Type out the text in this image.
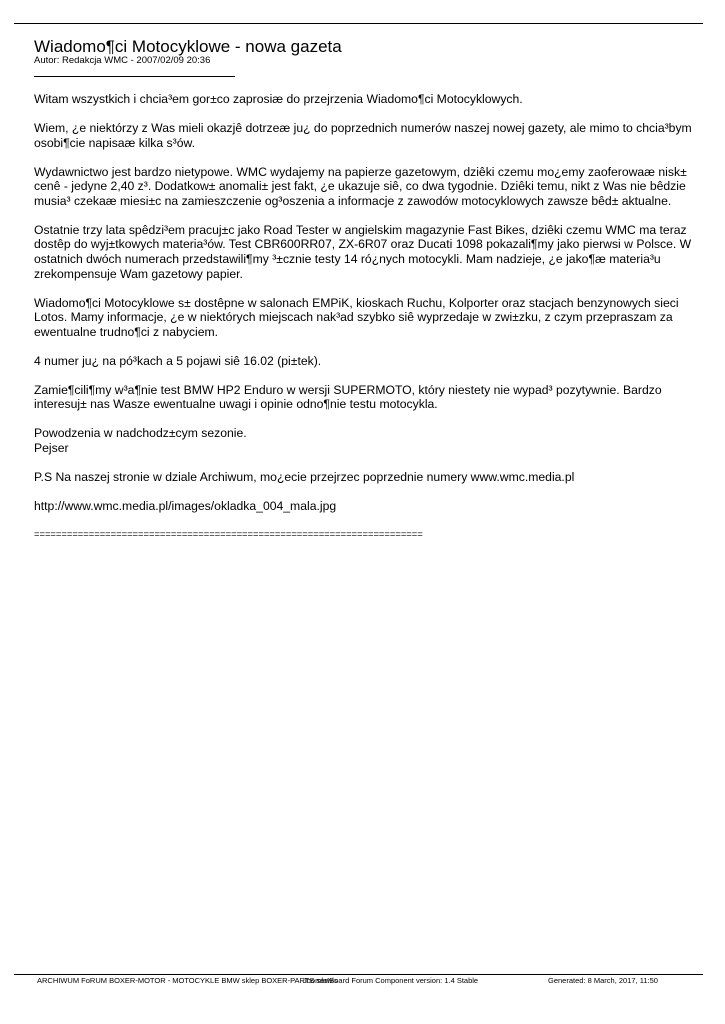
Wiadomo¶ci Motocyklowe - nowa gazeta
Autor: Redakcja WMC - 2007/02/09 20:36

Witam wszystkich i chcia³em gor±co zaprosiæ do przejrzenia Wiadomo¶ci Motocyklowych.

Wiem, ¿e niektórzy z Was mieli okazjê dotrzeæ ju¿ do poprzednich numerów naszej nowej gazety, ale mimo to chcia³bym osobi¶cie napisaæ kilka s³ów.

Wydawnictwo jest bardzo nietypowe. WMC wydajemy na papierze gazetowym, dziêki czemu mo¿emy zaoferowaæ nisk± cenê - jedyne 2,40 z³. Dodatkow± anomali± jest fakt, ¿e ukazuje siê, co dwa tygodnie. Dziêki temu, nikt z Was nie bêdzie musia³ czekaæ miesi±c na zamieszczenie og³oszenia a informacje z zawodów motocyklowych zawsze bêd± aktualne.

Ostatnie trzy lata spêdzi³em pracuj±c jako Road Tester w angielskim magazynie Fast Bikes, dziêki czemu WMC ma teraz dostêp do wyj±tkowych materia³ów. Test CBR600RR07, ZX-6R07 oraz Ducati 1098 pokazali¶my jako pierwsi w Polsce. W ostatnich dwóch numerach przedstawili¶my ³±cznie testy 14 ró¿nych motocykli. Mam nadzieje, ¿e jako¶æ materia³u zrekompensuje Wam gazetowy papier.

Wiadomo¶ci Motocyklowe s± dostêpne w salonach EMPiK, kioskach Ruchu, Kolporter oraz stacjach benzynowych sieci Lotos. Mamy informacje, ¿e w niektórych miejscach nak³ad szybko siê wyprzedaje w zwi±zku, z czym przepraszam za ewentualne trudno¶ci z nabyciem.

4 numer ju¿ na pó³kach a 5 pojawi siê 16.02 (pi±tek).

Zamie¶cili¶my w³a¶nie test BMW HP2 Enduro w wersji SUPERMOTO, który niestety nie wypad³ pozytywnie. Bardzo interesuj± nas Wasze ewentualne uwagi i opinie odno¶nie testu motocykla.

Powodzenia w nadchodz±cym sezonie.
Pejser

P.S Na naszej stronie w dziale Archiwum, mo¿ecie przejrzec poprzednie numery www.wmc.media.pl

http://www.wmc.media.pl/images/okladka_004_mala.jpg

=======================================================================

ARCHIWUM FoRUM BOXER-MOTOR - MOTOCYKLE BMW sklep BOXER-PARTS serwis
Joomla!Board Forum Component version: 1.4 Stable	Generated: 8 March, 2017, 11:50
